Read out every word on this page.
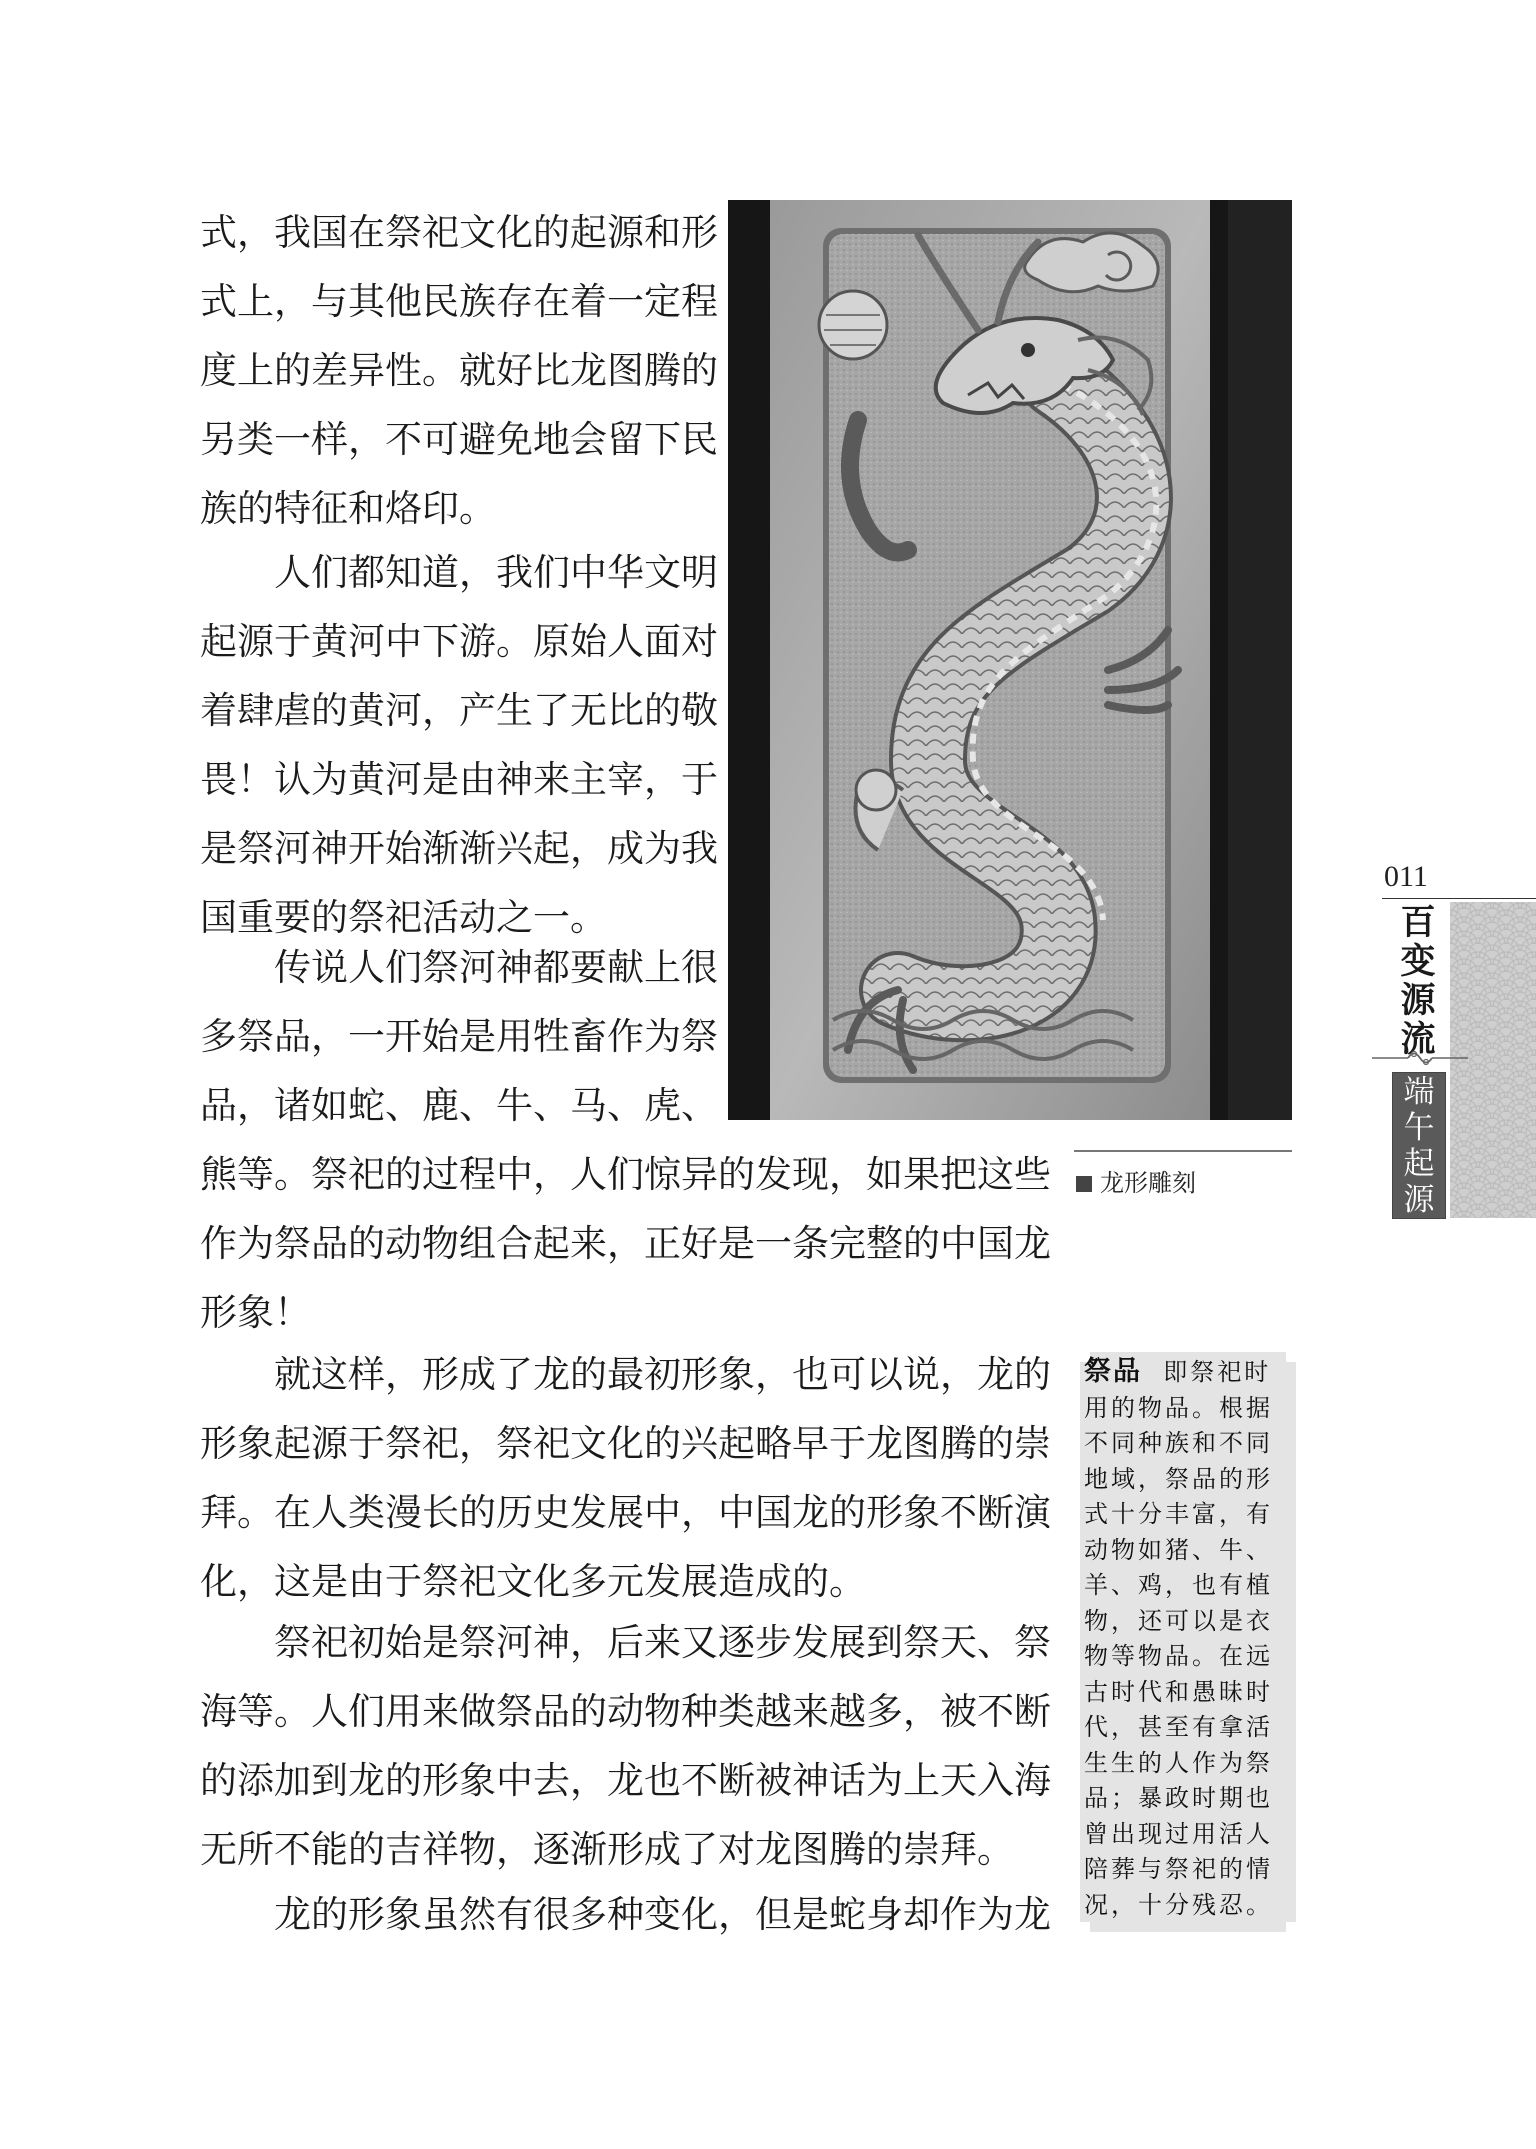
式，我国在祭祀文化的起源和形
式上，与其他民族存在着一定程
度上的差异性。就好比龙图腾的
另类一样，不可避免地会留下民
族的特征和烙印。
人们都知道，我们中华文明
起源于黄河中下游。原始人面对
着肆虐的黄河，产生了无比的敬
畏！认为黄河是由神来主宰，于
是祭河神开始渐渐兴起，成为我
国重要的祭祀活动之一。
传说人们祭河神都要献上很
多祭品，一开始是用牲畜作为祭
品，诸如蛇、鹿、牛、马、虎、
熊等。祭祀的过程中，人们惊异的发现，如果把这些
作为祭品的动物组合起来，正好是一条完整的中国龙
形象！
就这样，形成了龙的最初形象，也可以说，龙的
形象起源于祭祀，祭祀文化的兴起略早于龙图腾的崇
拜。在人类漫长的历史发展中，中国龙的形象不断演
化，这是由于祭祀文化多元发展造成的。
祭祀初始是祭河神，后来又逐步发展到祭天、祭
海等。人们用来做祭品的动物种类越来越多，被不断
的添加到龙的形象中去，龙也不断被神话为上天入海
无所不能的吉祥物，逐渐形成了对龙图腾的崇拜。
龙的形象虽然有很多种变化，但是蛇身却作为龙
龙形雕刻
011
百
变
源
流
端
午
起
源
祭品 即祭祀时
用的物品。根据
不同种族和不同
地域，祭品的形
式十分丰富，有
动物如猪、牛、
羊、鸡，也有植
物，还可以是衣
物等物品。在远
古时代和愚昧时
代，甚至有拿活
生生的人作为祭
品；暴政时期也
曾出现过用活人
陪葬与祭祀的情
况，十分残忍。
